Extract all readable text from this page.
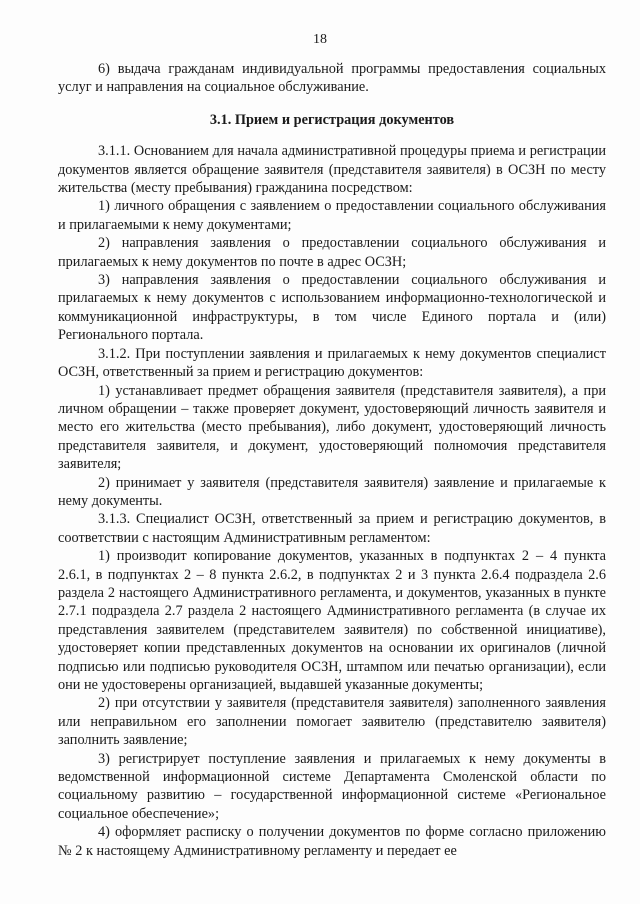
18

6) выдача гражданам индивидуальной программы предоставления социальных услуг и направления на социальное обслуживание.

3.1. Прием и регистрация документов

3.1.1. Основанием для начала административной процедуры приема и регистрации документов является обращение заявителя (представителя заявителя) в ОСЗН по месту жительства (месту пребывания) гражданина посредством:

1) личного обращения с заявлением о предоставлении социального обслуживания и прилагаемыми к нему документами;

2) направления заявления о предоставлении социального обслуживания и прилагаемых к нему документов по почте в адрес ОСЗН;

3) направления заявления о предоставлении социального обслуживания и прилагаемых к нему документов с использованием информационно-технологической и коммуникационной инфраструктуры, в том числе Единого портала и (или) Регионального портала.

3.1.2. При поступлении заявления и прилагаемых к нему документов специалист ОСЗН, ответственный за прием и регистрацию документов:

1) устанавливает предмет обращения заявителя (представителя заявителя), а при личном обращении – также проверяет документ, удостоверяющий личность заявителя и место его жительства (место пребывания), либо документ, удостоверяющий личность представителя заявителя, и документ, удостоверяющий полномочия представителя заявителя;

2) принимает у заявителя (представителя заявителя) заявление и прилагаемые к нему документы.

3.1.3. Специалист ОСЗН, ответственный за прием и регистрацию документов, в соответствии с настоящим Административным регламентом:

1) производит копирование документов, указанных в подпунктах 2 – 4 пункта 2.6.1, в подпунктах 2 – 8 пункта 2.6.2, в подпунктах 2 и 3 пункта 2.6.4 подраздела 2.6 раздела 2 настоящего Административного регламента, и документов, указанных в пункте 2.7.1 подраздела 2.7 раздела 2 настоящего Административного регламента (в случае их представления заявителем (представителем заявителя) по собственной инициативе), удостоверяет копии представленных документов на основании их оригиналов (личной подписью или подписью руководителя ОСЗН, штампом или печатью организации), если они не удостоверены организацией, выдавшей указанные документы;

2) при отсутствии у заявителя (представителя заявителя) заполненного заявления или неправильном его заполнении помогает заявителю (представителю заявителя) заполнить заявление;

3) регистрирует поступление заявления и прилагаемых к нему документы в ведомственной информационной системе Департамента Смоленской области по социальному развитию – государственной информационной системе «Региональное социальное обеспечение»;

4) оформляет расписку о получении документов по форме согласно приложению № 2 к настоящему Административному регламенту и передает ее
